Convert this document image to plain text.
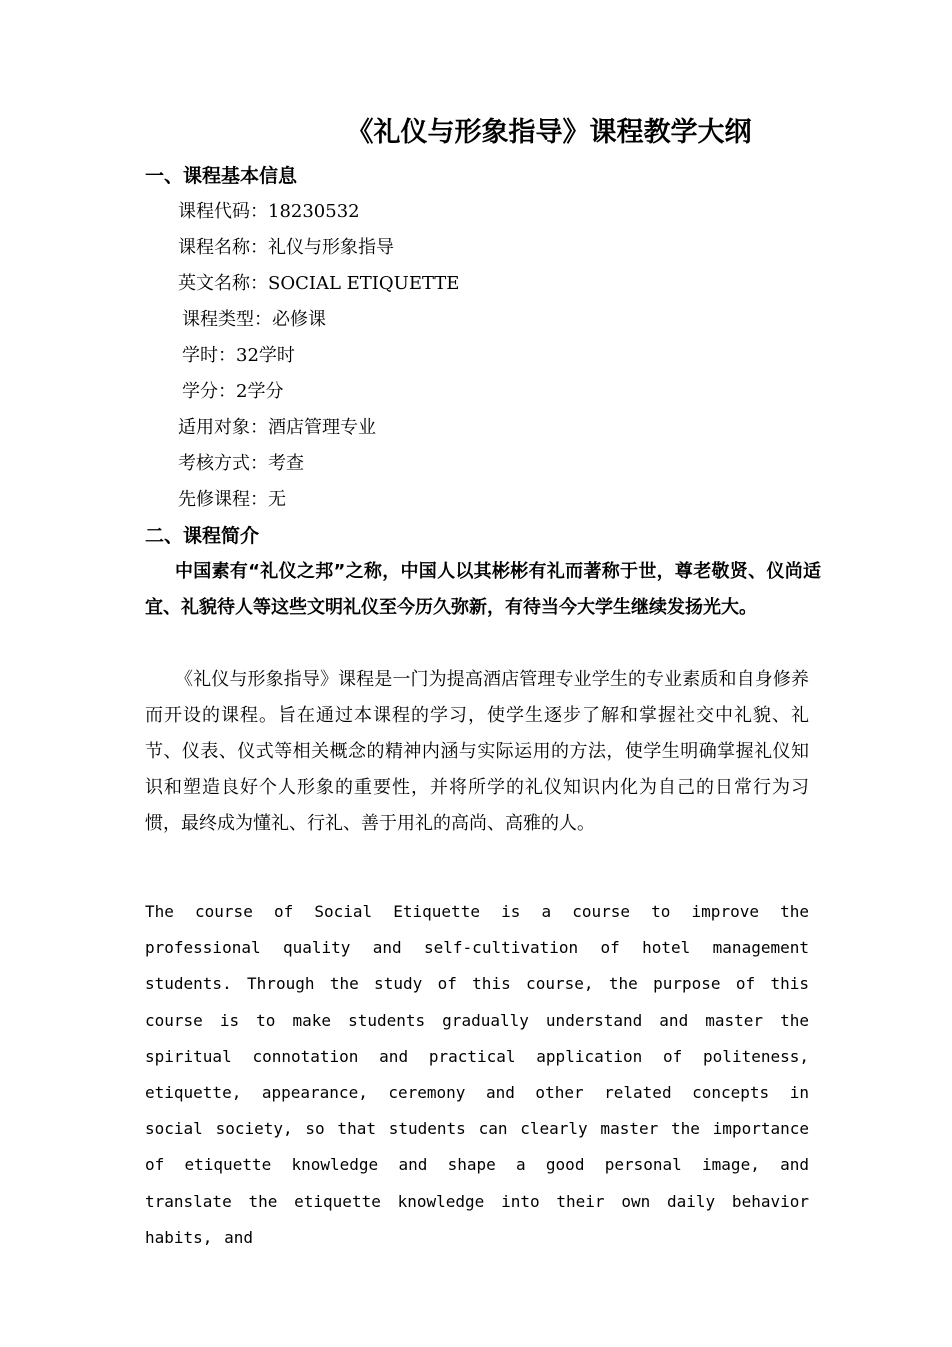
《礼仪与形象指导》课程教学大纲
一、课程基本信息
课程代码：18230532
课程名称：礼仪与形象指导
英文名称：SOCIAL ETIQUETTE
课程类型：必修课
学时：32学时
学分：2学分
适用对象：酒店管理专业
考核方式：考查
先修课程：无
二、课程简介
中国素有“礼仪之邦”之称，中国人以其彬彬有礼而著称于世，尊老敬贤、仪尚适宜、礼貌待人等这些文明礼仪至今历久弥新，有待当今大学生继续发扬光大。
《礼仪与形象指导》课程是一门为提高酒店管理专业学生的专业素质和自身修养而开设的课程。旨在通过本课程的学习，使学生逐步了解和掌握社交中礼貌、礼节、仪表、仪式等相关概念的精神内涵与实际运用的方法，使学生明确掌握礼仪知识和塑造良好个人形象的重要性，并将所学的礼仪知识内化为自己的日常行为习惯，最终成为懂礼、行礼、善于用礼的高尚、高雅的人。
The course of Social Etiquette is a course to improve the professional quality and self-cultivation of hotel management students. Through the study of this course, the purpose of this course is to make students gradually understand and master the spiritual connotation and practical application of politeness, etiquette, appearance, ceremony and other related concepts in social society, so that students can clearly master the importance of etiquette knowledge and shape a good personal image, and translate the etiquette knowledge into their own daily behavior habits, and
